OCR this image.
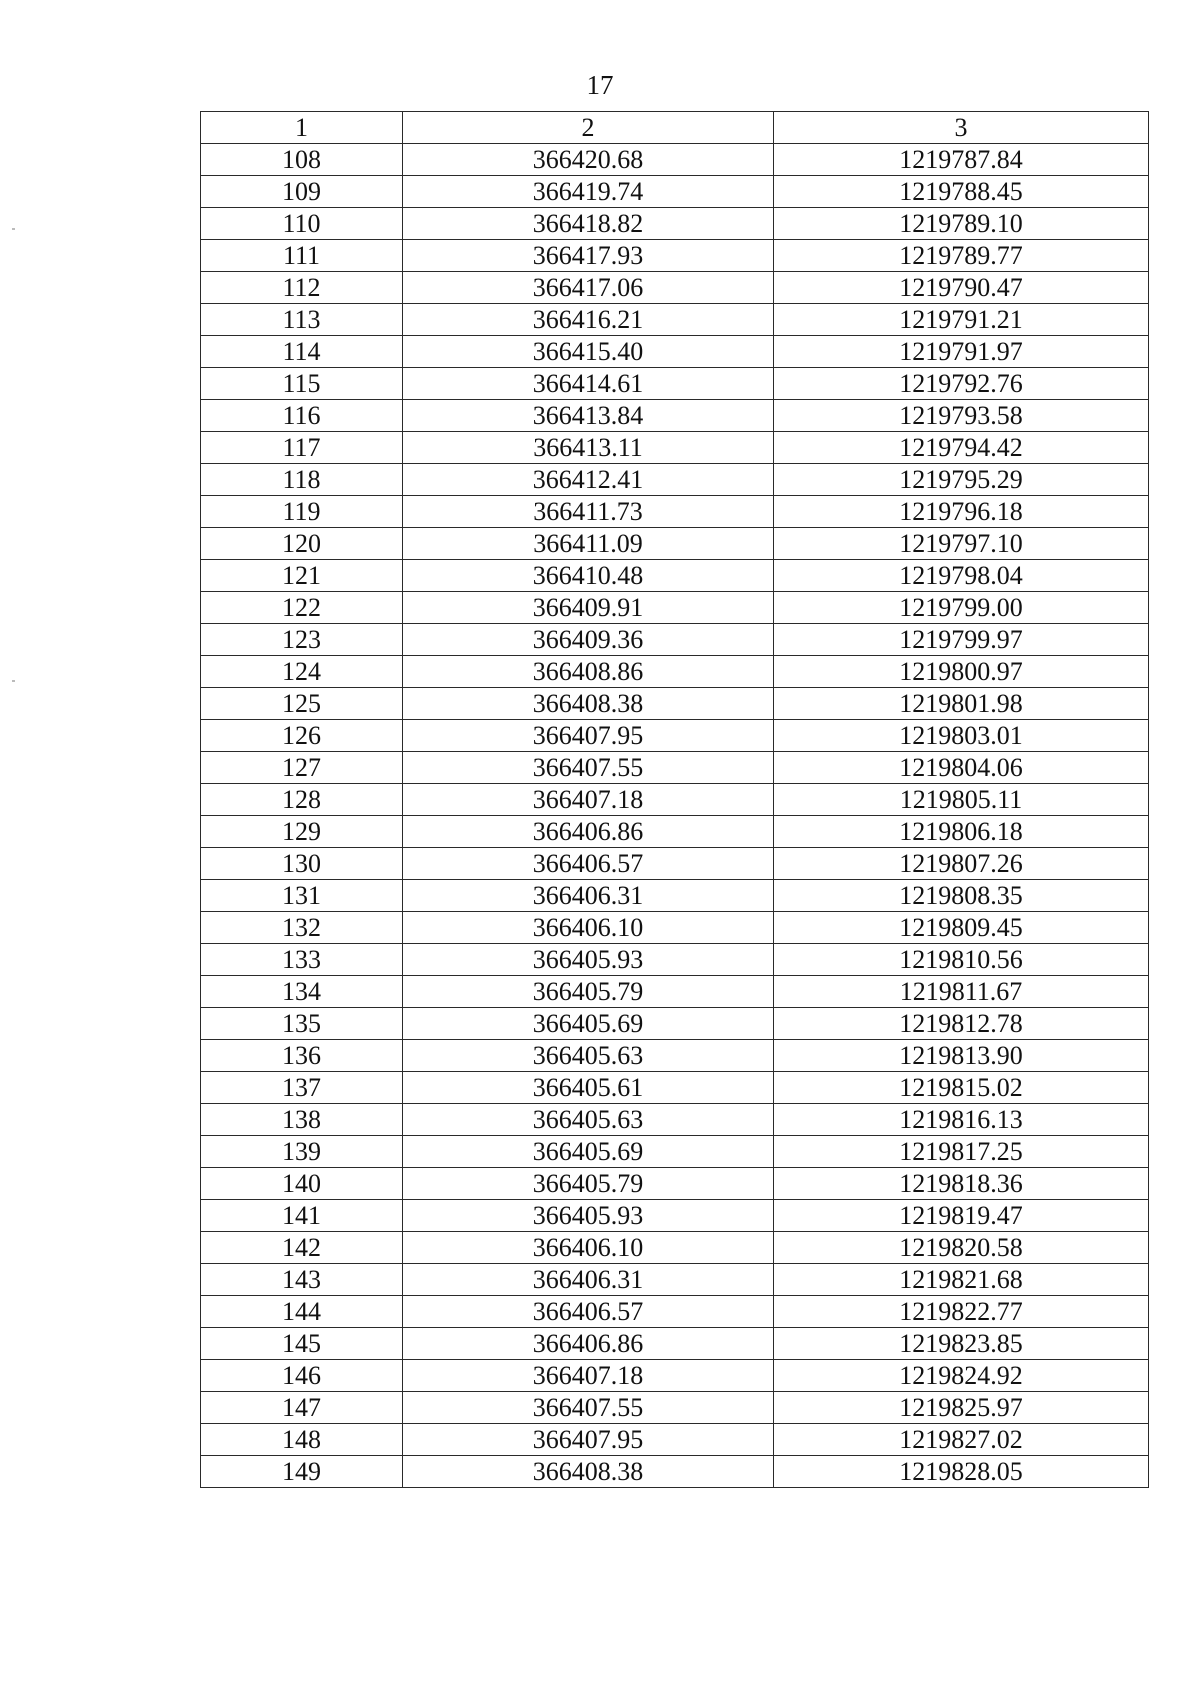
17
1	2	3
108	366420.68	1219787.84
109	366419.74	1219788.45
110	366418.82	1219789.10
111	366417.93	1219789.77
112	366417.06	1219790.47
113	366416.21	1219791.21
114	366415.40	1219791.97
115	366414.61	1219792.76
116	366413.84	1219793.58
117	366413.11	1219794.42
118	366412.41	1219795.29
119	366411.73	1219796.18
120	366411.09	1219797.10
121	366410.48	1219798.04
122	366409.91	1219799.00
123	366409.36	1219799.97
124	366408.86	1219800.97
125	366408.38	1219801.98
126	366407.95	1219803.01
127	366407.55	1219804.06
128	366407.18	1219805.11
129	366406.86	1219806.18
130	366406.57	1219807.26
131	366406.31	1219808.35
132	366406.10	1219809.45
133	366405.93	1219810.56
134	366405.79	1219811.67
135	366405.69	1219812.78
136	366405.63	1219813.90
137	366405.61	1219815.02
138	366405.63	1219816.13
139	366405.69	1219817.25
140	366405.79	1219818.36
141	366405.93	1219819.47
142	366406.10	1219820.58
143	366406.31	1219821.68
144	366406.57	1219822.77
145	366406.86	1219823.85
146	366407.18	1219824.92
147	366407.55	1219825.97
148	366407.95	1219827.02
149	366408.38	1219828.05
